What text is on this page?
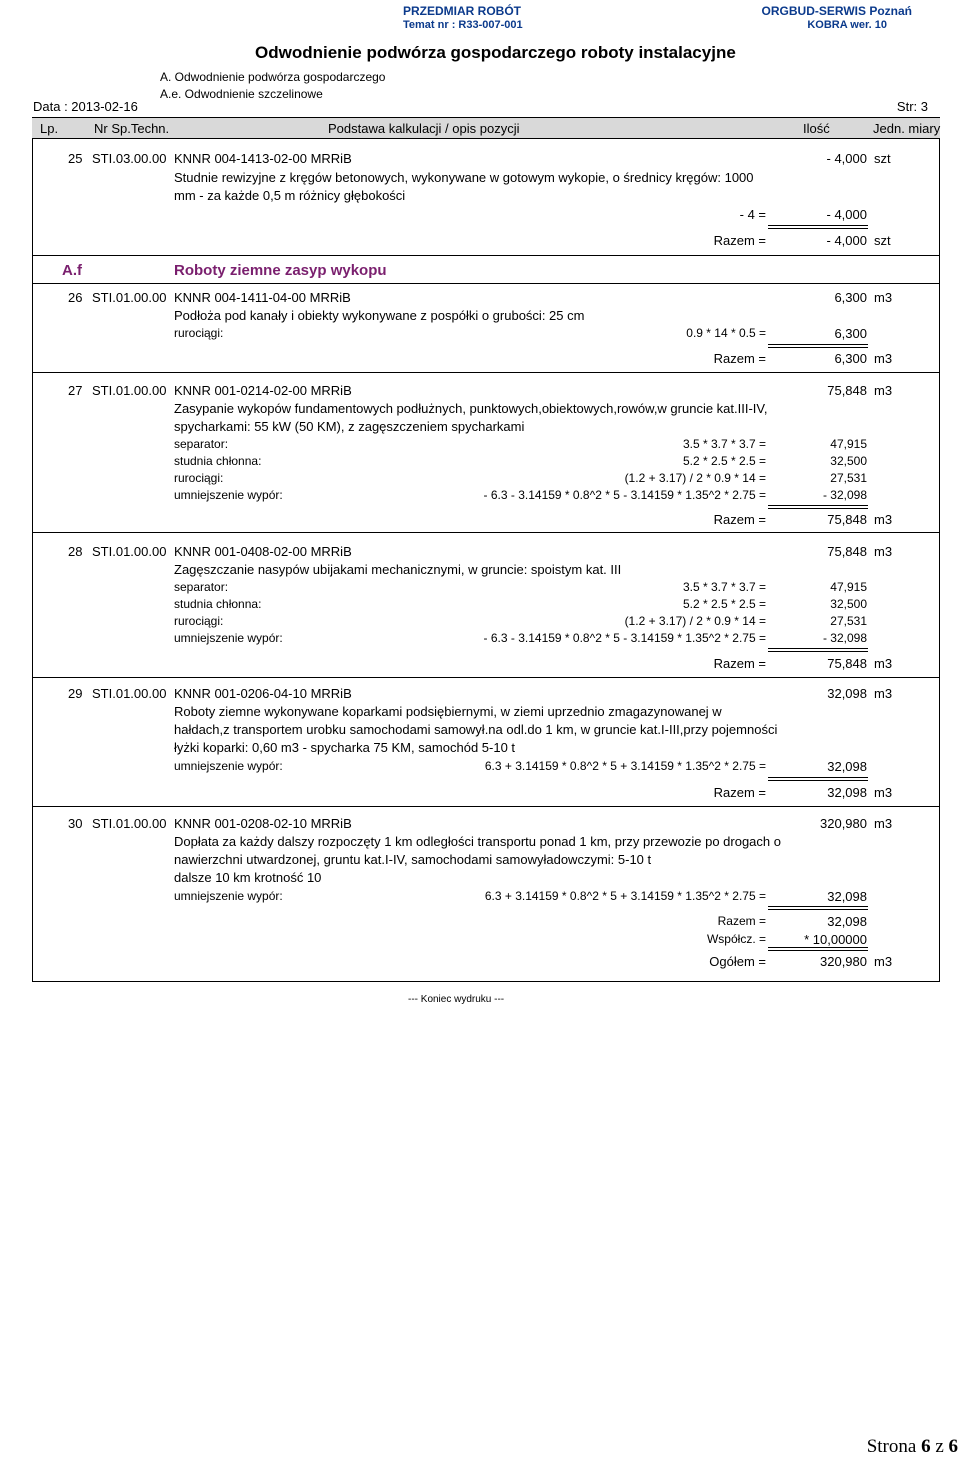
PRZEDMIAR ROBÓT
Temat nr : R33-007-001
ORGBUD-SERWIS Poznań
KOBRA wer. 10
Odwodnienie podwórza gospodarczego roboty instalacyjne
A. Odwodnienie podwórza gospodarczego
A.e. Odwodnienie szczelinowe
Data : 2013-02-16	Str: 3
Lp.	Nr Sp.Techn.	Podstawa kalkulacji / opis pozycji	Ilość	Jedn. miary
25 STI.03.00.00 KNNR 004-1413-02-00 MRRiB	- 4,000 szt
Studnie rewizyjne z kręgów betonowych, wykonywane w gotowym wykopie, o średnicy kręgów: 1000
mm - za każde 0,5 m różnicy głębokości
- 4 =	- 4,000
Razem =	- 4,000 szt
A.f	Roboty ziemne zasyp wykopu
26 STI.01.00.00 KNNR 004-1411-04-00 MRRiB	6,300 m3
Podłoża pod kanały i obiekty wykonywane z pospółki o grubości: 25 cm
rurociągi:	0.9 * 14 * 0.5 =	6,300
Razem =	6,300 m3
27 STI.01.00.00 KNNR 001-0214-02-00 MRRiB	75,848 m3
Zasypanie wykopów fundamentowych podłużnych, punktowych,obiektowych,rowów,w gruncie kat.III-IV,
spycharkami: 55 kW (50 KM), z zagęszczeniem spycharkami
separator:	3.5 * 3.7 * 3.7 =	47,915
studnia chłonna:	5.2 * 2.5 * 2.5 =	32,500
rurociągi:	(1.2 + 3.17) / 2 * 0.9 * 14 =	27,531
umniejszenie wypór:	- 6.3 - 3.14159 * 0.8^2 * 5 - 3.14159 * 1.35^2 * 2.75 =	- 32,098
Razem =	75,848 m3
28 STI.01.00.00 KNNR 001-0408-02-00 MRRiB	75,848 m3
Zagęszczanie nasypów ubijakami mechanicznymi, w gruncie: spoistym kat. III
separator:	3.5 * 3.7 * 3.7 =	47,915
studnia chłonna:	5.2 * 2.5 * 2.5 =	32,500
rurociągi:	(1.2 + 3.17) / 2 * 0.9 * 14 =	27,531
umniejszenie wypór:	- 6.3 - 3.14159 * 0.8^2 * 5 - 3.14159 * 1.35^2 * 2.75 =	- 32,098
Razem =	75,848 m3
29 STI.01.00.00 KNNR 001-0206-04-10 MRRiB	32,098 m3
Roboty ziemne wykonywane koparkami podsiębiernymi, w ziemi uprzednio zmagazynowanej w
hałdach,z transportem urobku samochodami samowył.na odl.do 1 km, w gruncie kat.I-III,przy pojemności
łyżki koparki: 0,60 m3 - spycharka 75 KM, samochód 5-10 t
umniejszenie wypór:	6.3 + 3.14159 * 0.8^2 * 5 + 3.14159 * 1.35^2 * 2.75 =	32,098
Razem =	32,098 m3
30 STI.01.00.00 KNNR 001-0208-02-10 MRRiB	320,980 m3
Dopłata za każdy dalszy rozpoczęty 1 km odległości transportu ponad 1 km, przy przewozie po drogach o
nawierzchni utwardzonej, gruntu kat.I-IV, samochodami samowyładowczymi: 5-10 t
dalsze 10 km krotność 10
umniejszenie wypór:	6.3 + 3.14159 * 0.8^2 * 5 + 3.14159 * 1.35^2 * 2.75 =	32,098
Razem =	32,098
Współcz. =	* 10,00000
Ogółem =	320,980 m3
--- Koniec wydruku ---
Strona 6 z 6
